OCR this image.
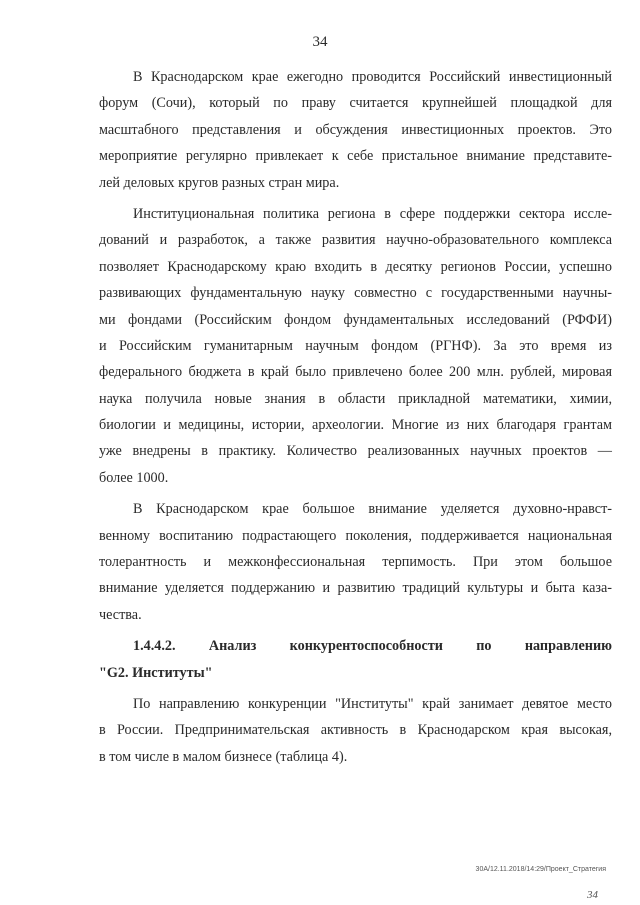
34
В Краснодарском крае ежегодно проводится Российский инвестиционный
форум (Сочи), который по праву считается крупнейшей площадкой для
масштабного представления и обсуждения инвестиционных проектов. Это
мероприятие регулярно привлекает к себе пристальное внимание представите-
лей деловых кругов разных стран мира.
Институциональная политика региона в сфере поддержки сектора иссле-
дований и разработок, а также развития научно-образовательного комплекса
позволяет Краснодарскому краю входить в десятку регионов России, успешно
развивающих фундаментальную науку совместно с государственными научны-
ми фондами (Российским фондом фундаментальных исследований (РФФИ)
и Российским гуманитарным научным фондом (РГНФ). За это время из
федерального бюджета в край было привлечено более 200 млн. рублей, мировая
наука получила новые знания в области прикладной математики, химии,
биологии и медицины, истории, археологии. Многие из них благодаря грантам
уже внедрены в практику. Количество реализованных научных проектов —
более 1000.
В Краснодарском крае большое внимание уделяется духовно-нравст-
венному воспитанию подрастающего поколения, поддерживается национальная
толерантность и межконфессиональная терпимость. При этом большое
внимание уделяется поддержанию и развитию традиций культуры и быта каза-
чества.
1.4.4.2. Анализ конкурентоспособности по направлению
"G2. Институты"
По направлению конкуренции "Институты" край занимает девятое место
в России. Предпринимательская активность в Краснодарском края высокая,
в том числе в малом бизнесе (таблица 4).
30А/12.11.2018/14:29/Проект_Стратегия
34
